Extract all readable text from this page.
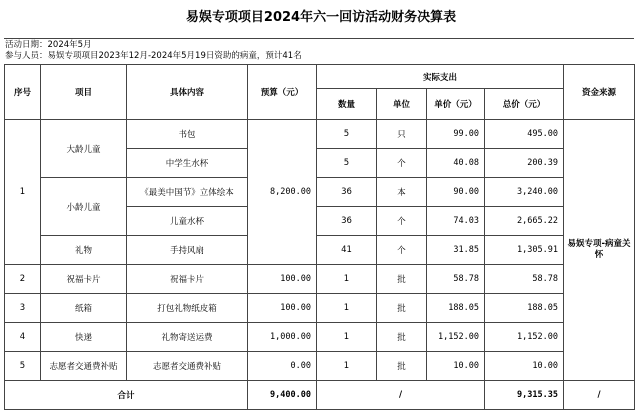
易娱专项项目2024年六一回访活动财务决算表
活动日期：2024年5月
参与人员：易娱专项项目2023年12月-2024年5月19日资助的病童，预计41名
序号	项目	具体内容	预算（元）	实际支出				资金来源
				数量	单位	单价（元）	总价（元）	
1	大龄儿童	书包	8,200.00	5	只	99.00	495.00	易娱专项-病童关怀
		中学生水杯		5	个	40.08	200.39	
	小龄儿童	《最美中国节》立体绘本		36	本	90.00	3,240.00	
		儿童水杯		36	个	74.03	2,665.22	
	礼物	手持风扇		41	个	31.85	1,305.91	
2	祝福卡片	祝福卡片	100.00	1	批	58.78	58.78	
3	纸箱	打包礼物纸皮箱	100.00	1	批	188.05	188.05	
4	快递	礼物寄送运费	1,000.00	1	批	1,152.00	1,152.00	
5	志愿者交通费补贴	志愿者交通费补贴	0.00	1	批	10.00	10.00	
合计			9,400.00	/			9,315.35	/
